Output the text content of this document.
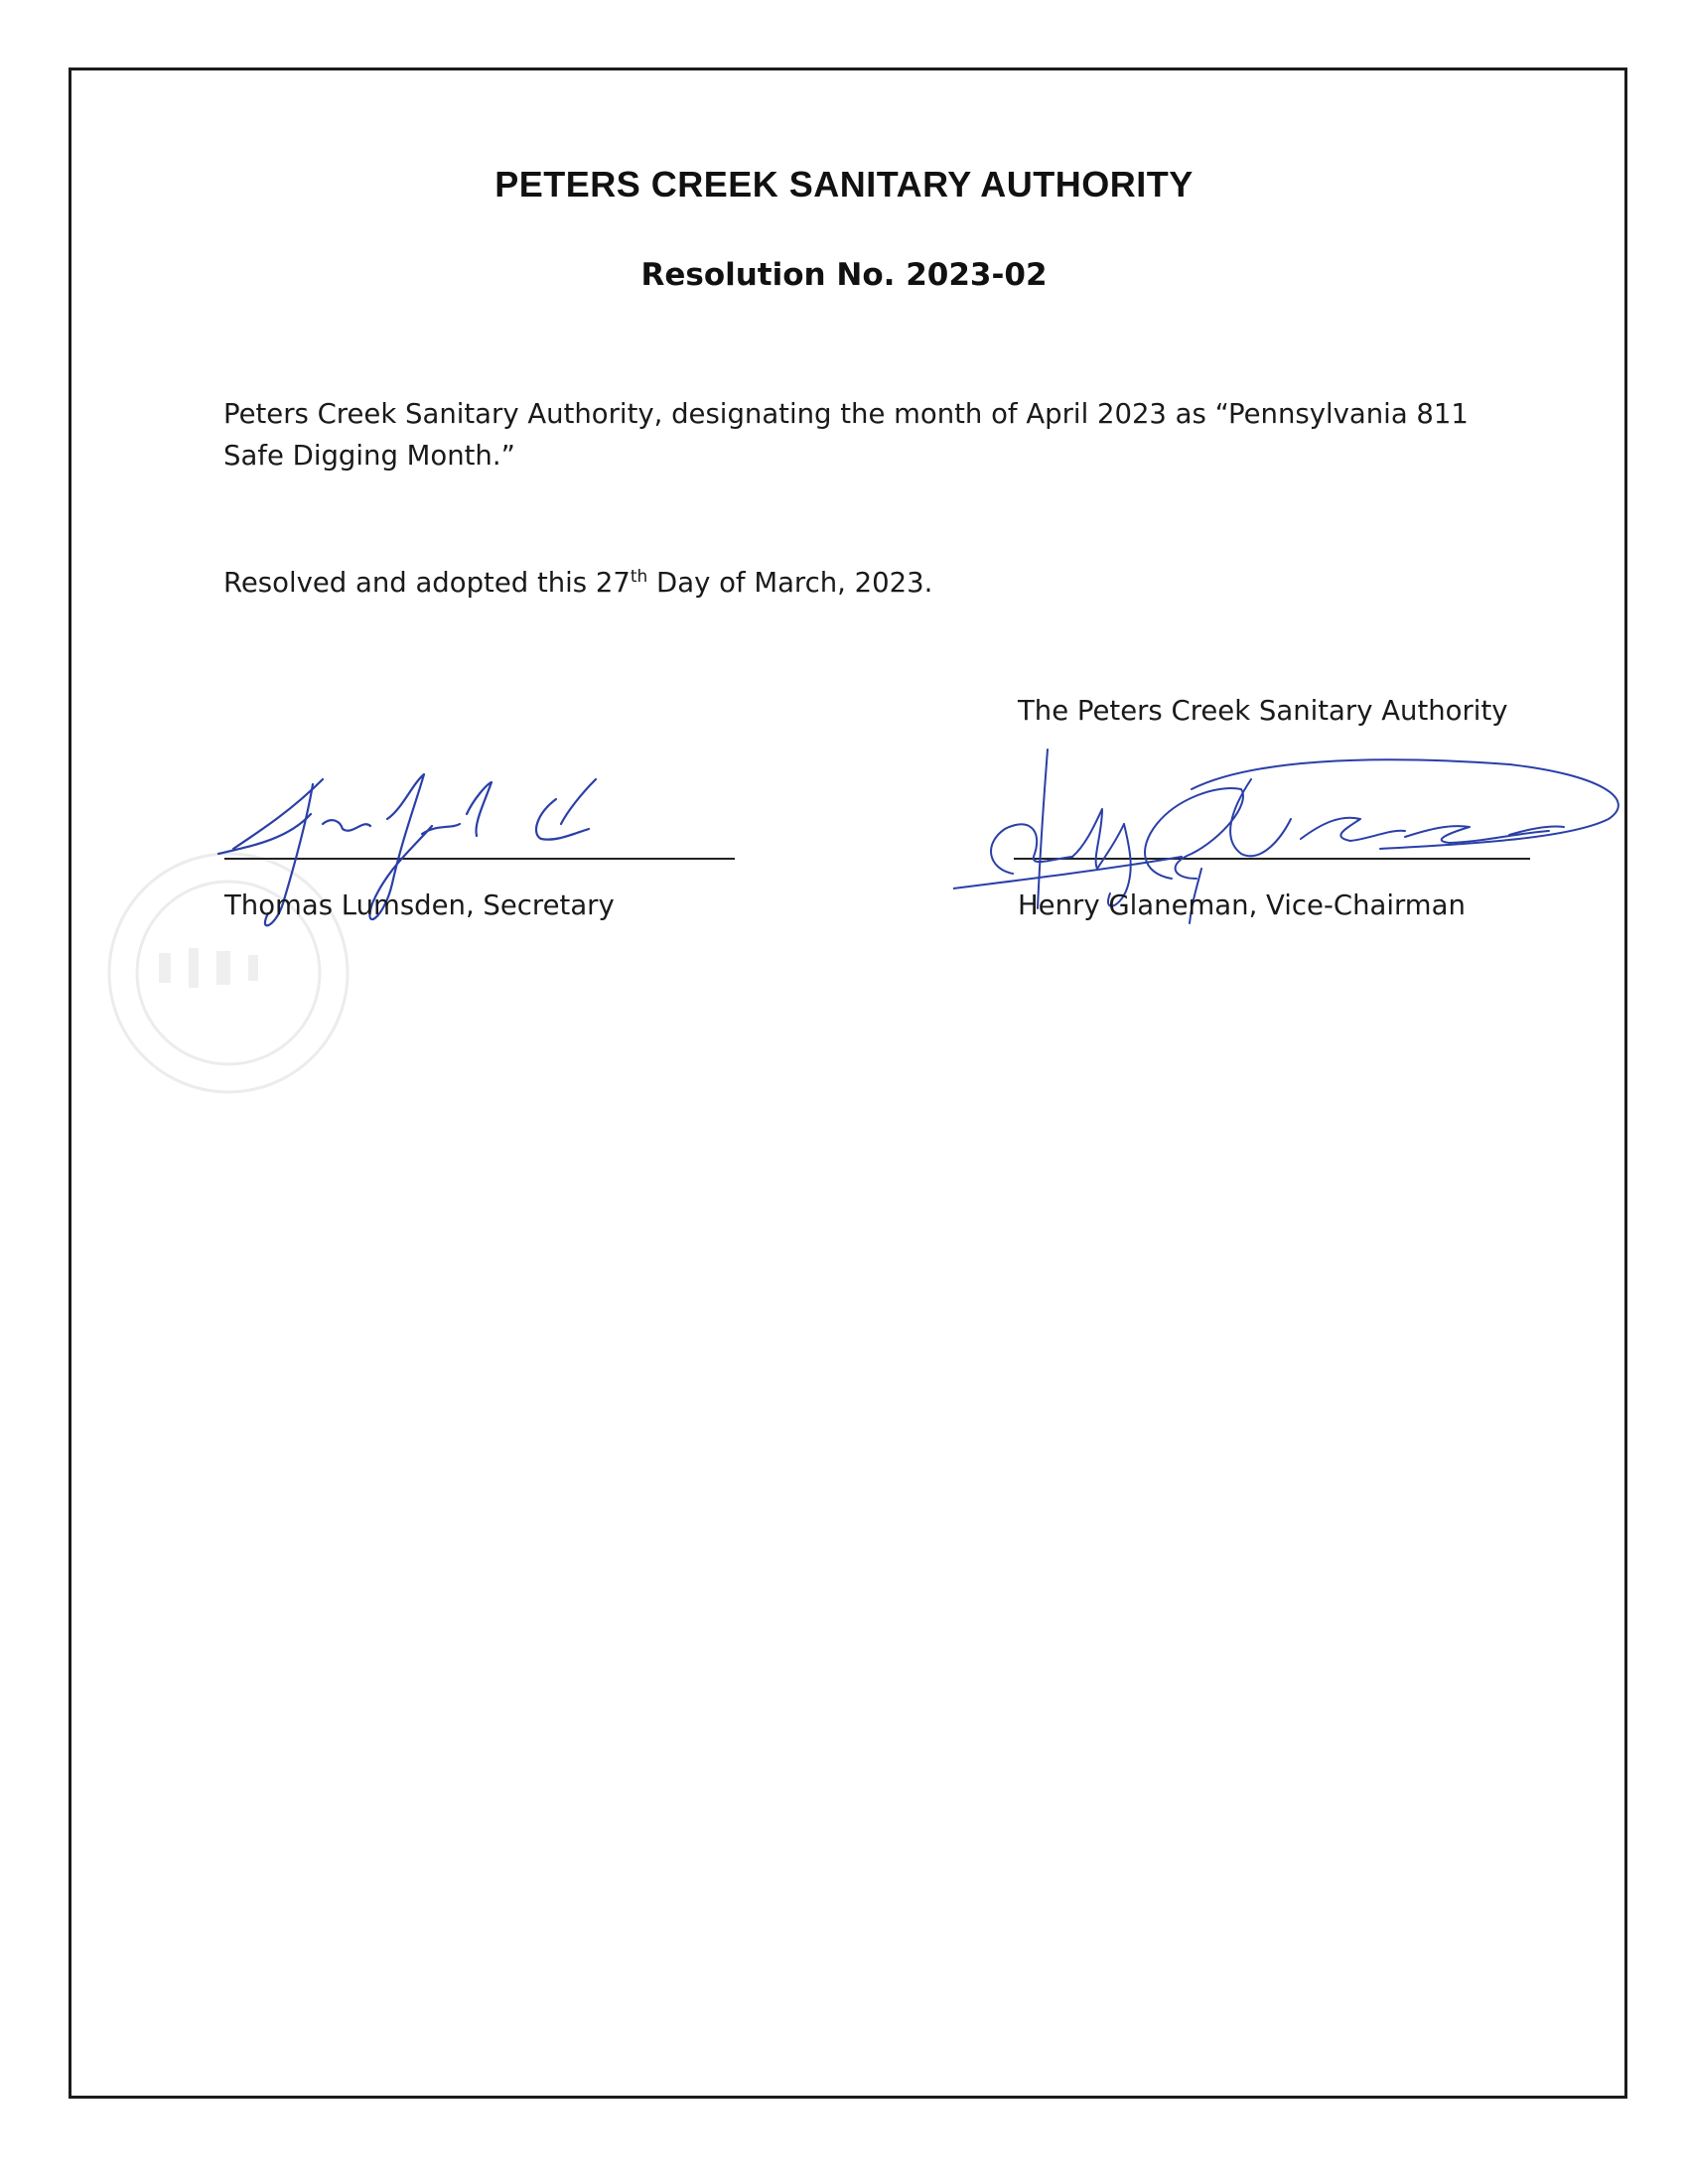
PETERS CREEK SANITARY AUTHORITY
Resolution No. 2023-02
Peters Creek Sanitary Authority, designating the month of April 2023 as “Pennsylvania 811 Safe Digging Month.”
Resolved and adopted this 27th Day of March, 2023.
The Peters Creek Sanitary Authority
Thomas Lumsden, Secretary	Henry Glaneman, Vice-Chairman
